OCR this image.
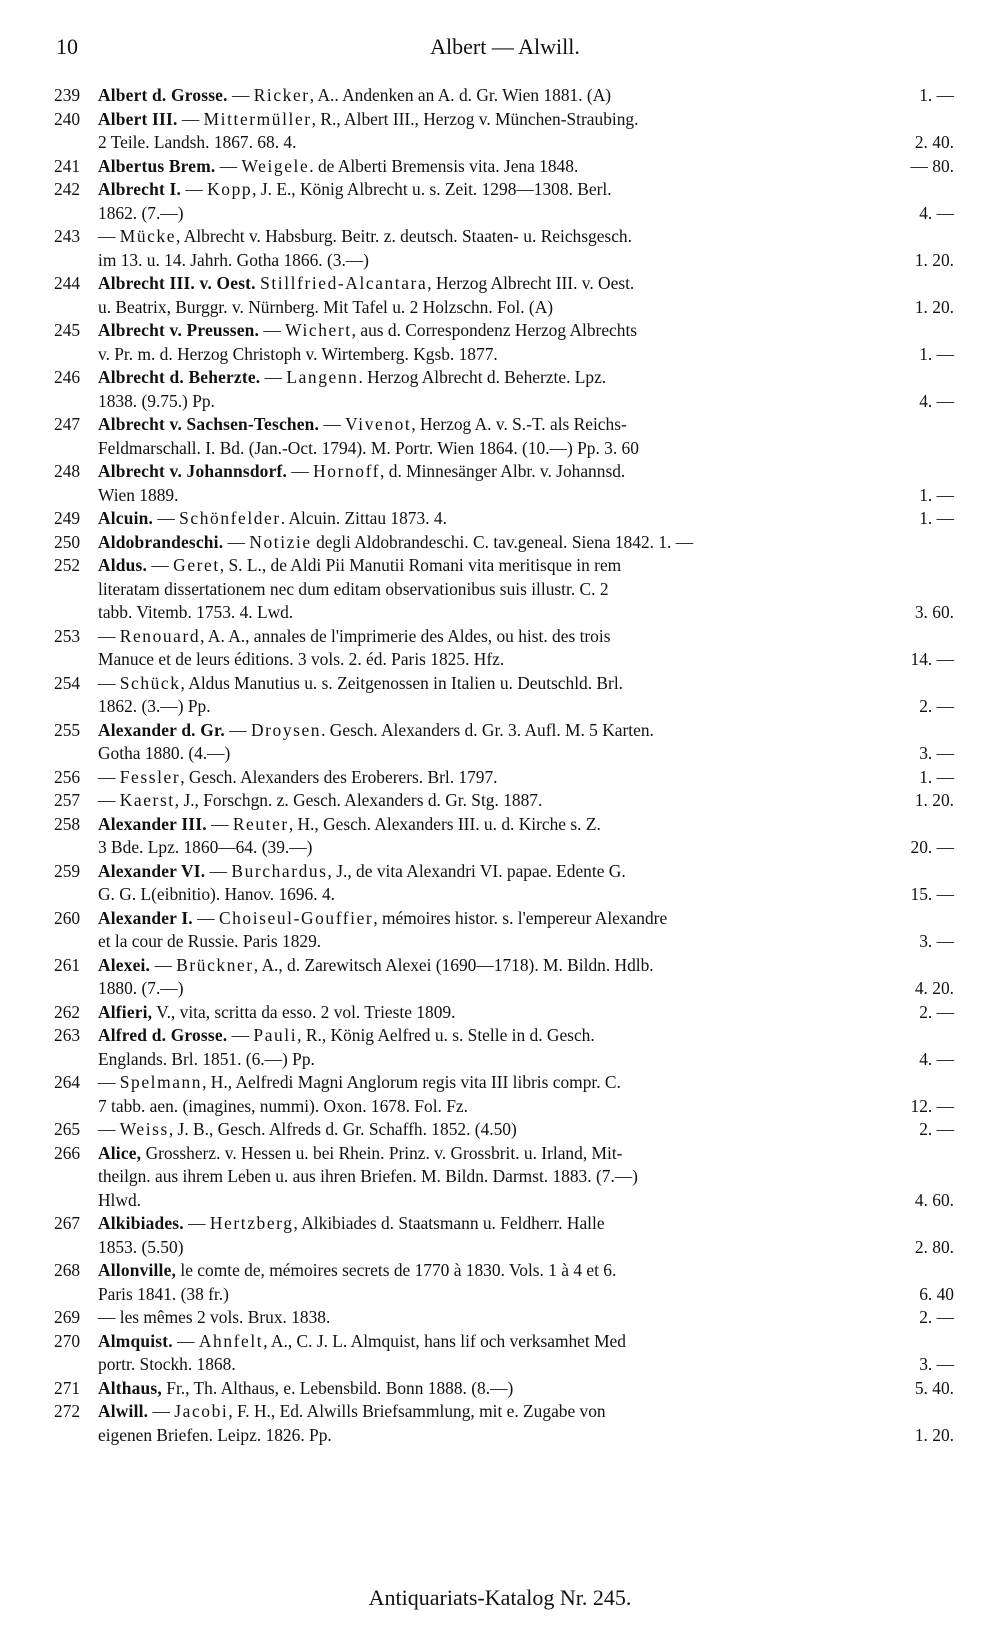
10	Albert — Alwill.
239	Albert d. Grosse. — Ricker, A.. Andenken an A. d. Gr. Wien 1881. (A)	1. —
240	Albert III. — Mittermüller, R., Albert III., Herzog v. München-Straubing.
2 Teile. Landsh. 1867. 68. 4.	2. 40.
241	Albertus Brem. — Weigele. de Alberti Bremensis vita. Jena 1848.	— 80.
242	Albrecht I. — Kopp, J. E., König Albrecht u. s. Zeit. 1298—1308. Berl.
1862. (7.—)	4. —
243	— Mücke, Albrecht v. Habsburg. Beitr. z. deutsch. Staaten- u. Reichsgesch.
im 13. u. 14. Jahrh. Gotha 1866. (3.—)	1. 20.
244	Albrecht III. v. Oest. Stillfried-Alcantara, Herzog Albrecht III. v. Oest.
u. Beatrix, Burggr. v. Nürnberg. Mit Tafel u. 2 Holzschn. Fol. (A)	1. 20.
245	Albrecht v. Preussen. — Wichert, aus d. Correspondenz Herzog Albrechts
v. Pr. m. d. Herzog Christoph v. Wirtemberg. Kgsb. 1877.	1. —
246	Albrecht d. Beherzte. — Langenn. Herzog Albrecht d. Beherzte. Lpz.
1838. (9.75.) Pp.	4. —
247	Albrecht v. Sachsen-Teschen. — Vivenot, Herzog A. v. S.-T. als Reichs-
Feldmarschall. I. Bd. (Jan.-Oct. 1794). M. Portr. Wien 1864. (10.—) Pp. 3. 60
248	Albrecht v. Johannsdorf. — Hornoff, d. Minnesänger Albr. v. Johannsd.
Wien 1889.	1. —
249	Alcuin. — Schönfelder. Alcuin. Zittau 1873. 4.	1. —
250	Aldobrandeschi. — Notizie degli Aldobrandeschi. C. tav.geneal. Siena 1842. 1. —
252	Aldus. — Geret, S. L., de Aldi Pii Manutii Romani vita meritisque in rem
literatam dissertationem nec dum editam observationibus suis illustr. C. 2
tabb. Vitemb. 1753. 4. Lwd.	3. 60.
253	— Renouard, A. A., annales de l'imprimerie des Aldes, ou hist. des trois
Manuce et de leurs éditions. 3 vols. 2. éd. Paris 1825. Hfz.	14. —
254	— Schück, Aldus Manutius u. s. Zeitgenossen in Italien u. Deutschld. Brl.
1862. (3.—) Pp.	2. —
255	Alexander d. Gr. — Droysen. Gesch. Alexanders d. Gr. 3. Aufl. M. 5 Karten.
Gotha 1880. (4.—)	3. —
256	— Fessler, Gesch. Alexanders des Eroberers. Brl. 1797.	1. —
257	— Kaerst, J., Forschgn. z. Gesch. Alexanders d. Gr. Stg. 1887.	1. 20.
258	Alexander III. — Reuter, H., Gesch. Alexanders III. u. d. Kirche s. Z.
3 Bde. Lpz. 1860—64. (39.—)	20. —
259	Alexander VI. — Burchardus, J., de vita Alexandri VI. papae. Edente G.
G. G. L(eibnitio). Hanov. 1696. 4.	15. —
260	Alexander I. — Choiseul-Gouffier, mémoires histor. s. l'empereur Alexandre
et la cour de Russie. Paris 1829.	3. —
261	Alexei. — Brückner, A., d. Zarewitsch Alexei (1690—1718). M. Bildn. Hdlb.
1880. (7.—)	4. 20.
262	Alfieri, V., vita, scritta da esso. 2 vol. Trieste 1809.	2. —
263	Alfred d. Grosse. — Pauli, R., König Aelfred u. s. Stelle in d. Gesch.
Englands. Brl. 1851. (6.—) Pp.	4. —
264	— Spelmann, H., Aelfredi Magni Anglorum regis vita III libris compr. C.
7 tabb. aen. (imagines, nummi). Oxon. 1678. Fol. Fz.	12. —
265	— Weiss, J. B., Gesch. Alfreds d. Gr. Schaffh. 1852. (4.50)	2. —
266	Alice, Grossherz. v. Hessen u. bei Rhein. Prinz. v. Grossbrit. u. Irland, Mit-
theilgn. aus ihrem Leben u. aus ihren Briefen. M. Bildn. Darmst. 1883. (7.—)
Hlwd.	4. 60.
267	Alkibiades. — Hertzberg, Alkibiades d. Staatsmann u. Feldherr. Halle
1853. (5.50)	2. 80.
268	Allonville, le comte de, mémoires secrets de 1770 à 1830. Vols. 1 à 4 et 6.
Paris 1841. (38 fr.)	6. 40
269	— les mêmes 2 vols. Brux. 1838.	2. —
270	Almquist. — Ahnfelt, A., C. J. L. Almquist, hans lif och verksamhet Med
portr. Stockh. 1868.	3. —
271	Althaus, Fr., Th. Althaus, e. Lebensbild. Bonn 1888. (8.—)	5. 40.
272	Alwill. — Jacobi, F. H., Ed. Alwills Briefsammlung, mit e. Zugabe von
eigenen Briefen. Leipz. 1826. Pp.	1. 20.
Antiquariats-Katalog Nr. 245.
